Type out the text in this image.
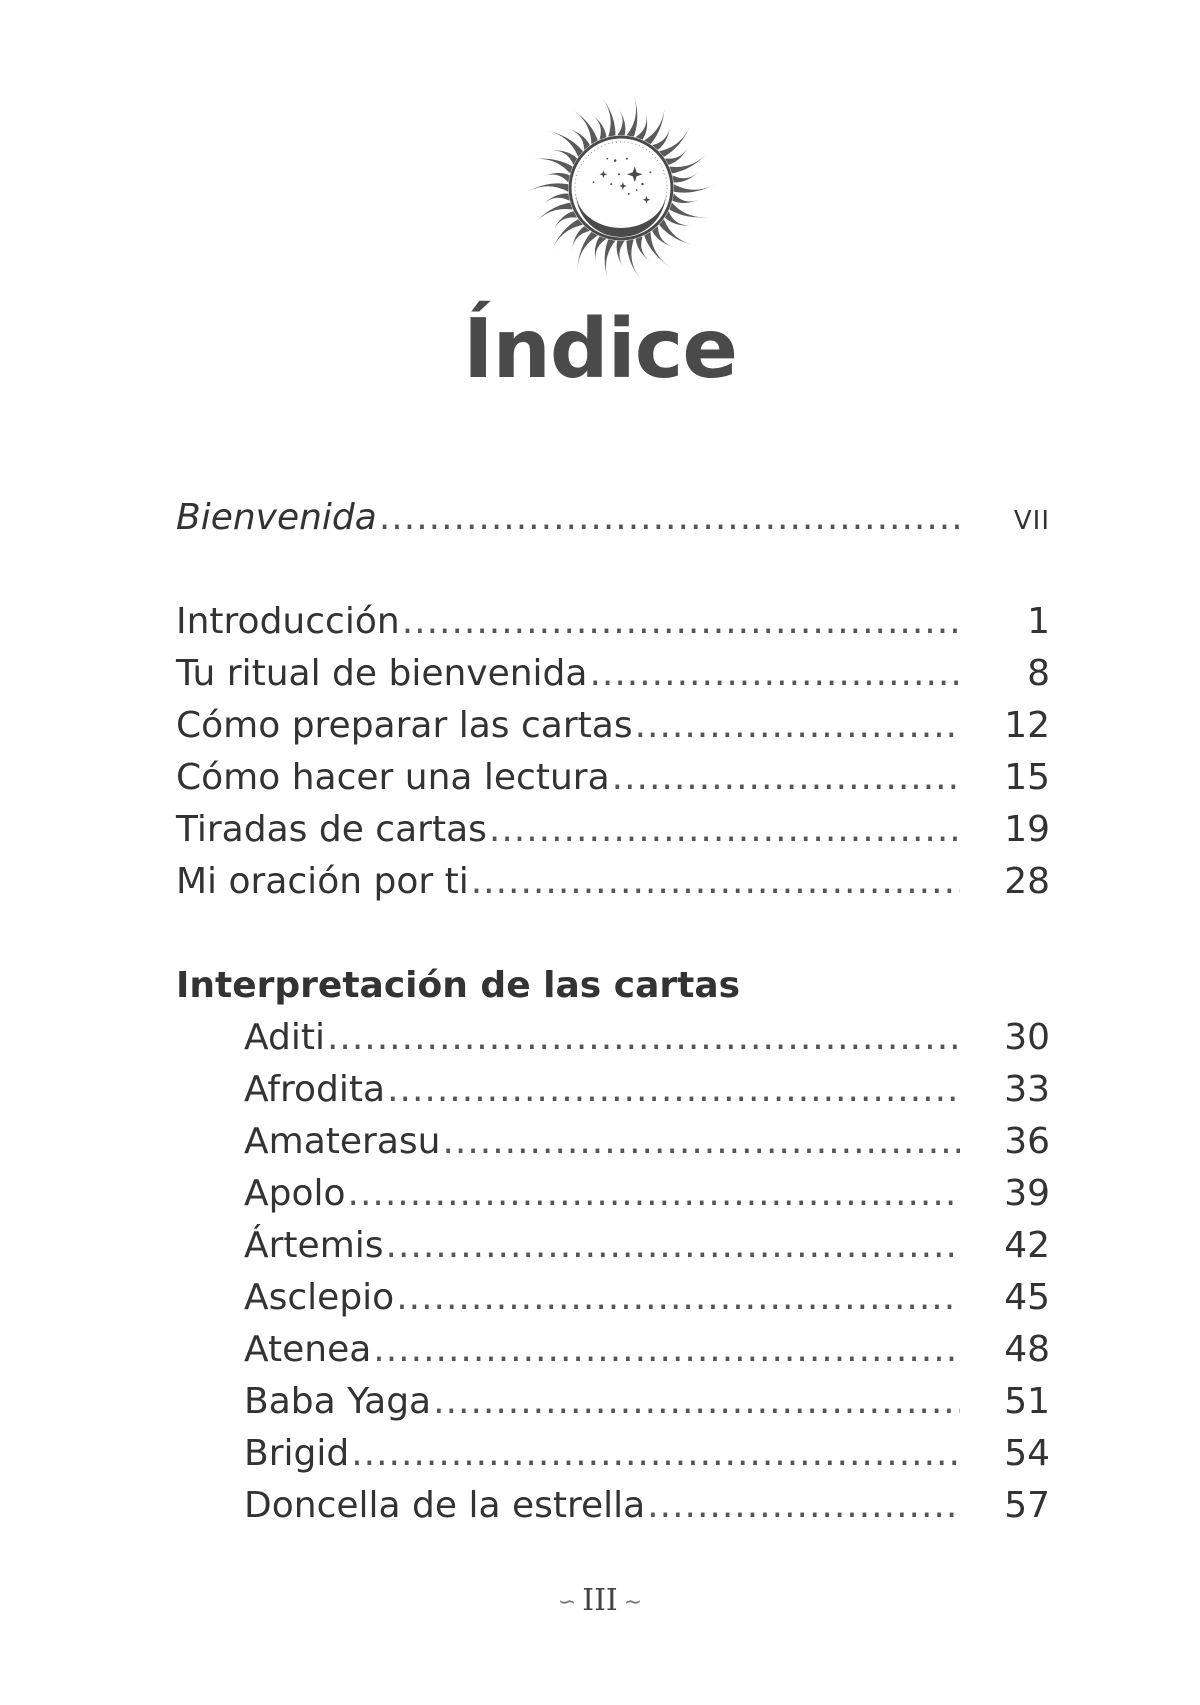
Índice
Bienvenida .....	VII
Introducción .....	1
Tu ritual de bienvenida .....	8
Cómo preparar las cartas .....	12
Cómo hacer una lectura .....	15
Tiradas de cartas .....	19
Mi oración por ti .....	28
Interpretación de las cartas
Aditi .....	30
Afrodita .....	33
Amaterasu .....	36
Apolo .....	39
Ártemis .....	42
Asclepio .....	45
Atenea .....	48
Baba Yaga .....	51
Brigid .....	54
Doncella de la estrella .....	57
∽ III ∼
